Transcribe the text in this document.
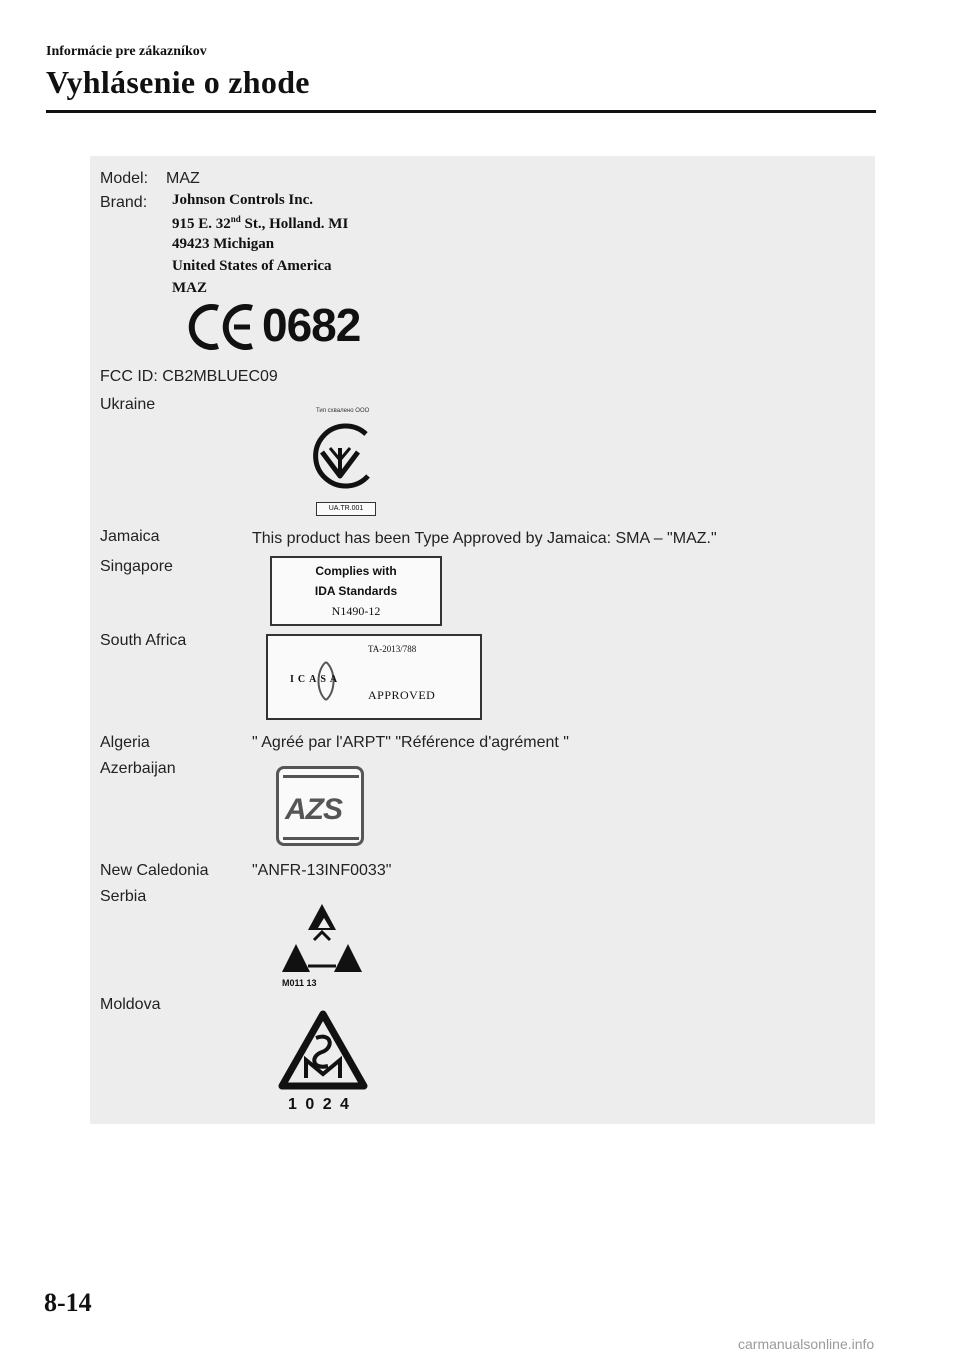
Informácie pre zákazníkov
Vyhlásenie o zhode
Model: MAZ
Brand: Johnson Controls Inc.
915 E. 32nd St., Holland. MI
49423 Michigan
United States of America
MAZ
0682
FCC ID: CB2MBLUEC09
Ukraine	Тип схвалено ООО
UA.TR.001
Jamaica	This product has been Type Approved by Jamaica: SMA – "MAZ."
Singapore	Complies with
IDA Standards
N1490-12
South Africa	TA-2013/788
ICASA
APPROVED
Algeria	" Agréé par l'ARPT" "Référence d'agrément "
Azerbaijan
AZS
New Caledonia	"ANFR-13INF0033"
Serbia
M011 13
Moldova
1 0 2 4
8-14
carmanualsonline.info
